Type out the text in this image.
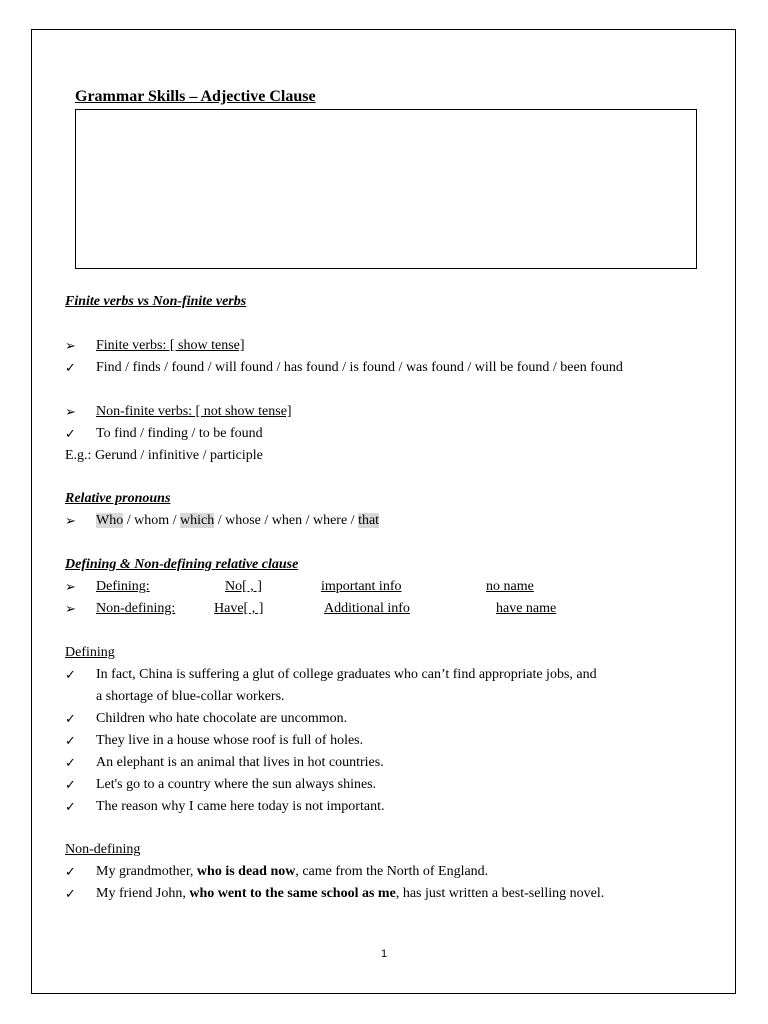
Grammar Skills – Adjective Clause
Finite verbs vs Non-finite verbs
➢	Finite verbs: [ show tense]
✓	Find / finds / found / will found / has found / is found / was found / will be found / been found
➢	Non-finite verbs: [ not show tense]
✓	To find / finding / to be found
E.g.: Gerund / infinitive / participle
Relative pronouns
➢	Who / whom / which / whose / when / where / that
Defining & Non-defining relative clause
➢	Defining:	No[ , ]	important info	no name
➢	Non-defining:	Have[ , ]	Additional info	have name
Defining
✓	In fact, China is suffering a glut of college graduates who can’t find appropriate jobs, and
a shortage of blue-collar workers.
✓	Children who hate chocolate are uncommon.
✓	They live in a house whose roof is full of holes.
✓	An elephant is an animal that lives in hot countries.
✓	Let's go to a country where the sun always shines.
✓	The reason why I came here today is not important.
Non-defining
✓	My grandmother, who is dead now, came from the North of England.
✓	My friend John, who went to the same school as me, has just written a best-selling novel.
1
